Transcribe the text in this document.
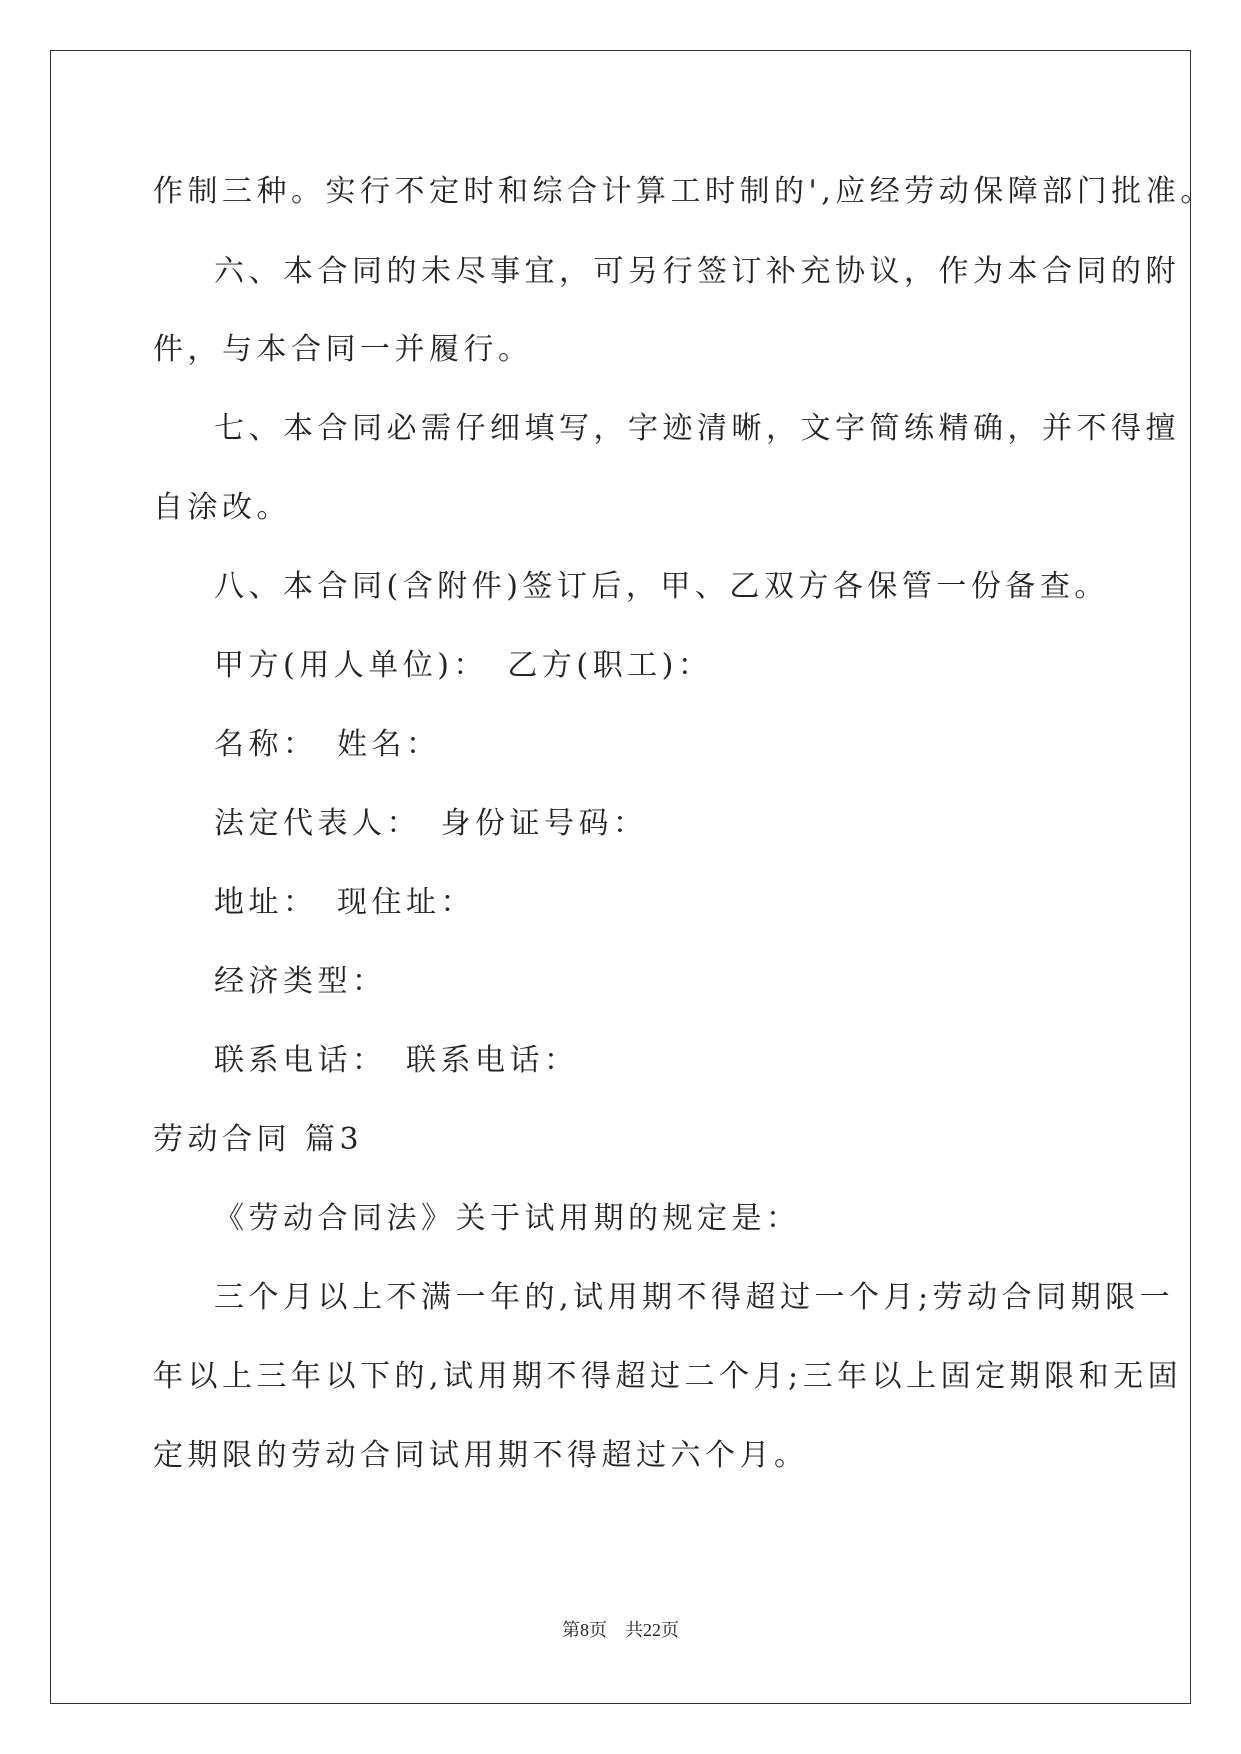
作制三种。实行不定时和综合计算工时制的',应经劳动保障部门批准。
六、本合同的未尽事宜，可另行签订补充协议，作为本合同的附
件，与本合同一并履行。
七、本合同必需仔细填写，字迹清晰，文字简练精确，并不得擅
自涂改。
八、本合同(含附件)签订后，甲、乙双方各保管一份备查。
甲方(用人单位)：　乙方(职工)：
名称：　姓名：
法定代表人：　身份证号码：
地址：　现住址：
经济类型：
联系电话：　联系电话：
劳动合同 篇3
《劳动合同法》关于试用期的规定是：
三个月以上不满一年的,试用期不得超过一个月;劳动合同期限一
年以上三年以下的,试用期不得超过二个月;三年以上固定期限和无固
定期限的劳动合同试用期不得超过六个月。
第8页　共22页
